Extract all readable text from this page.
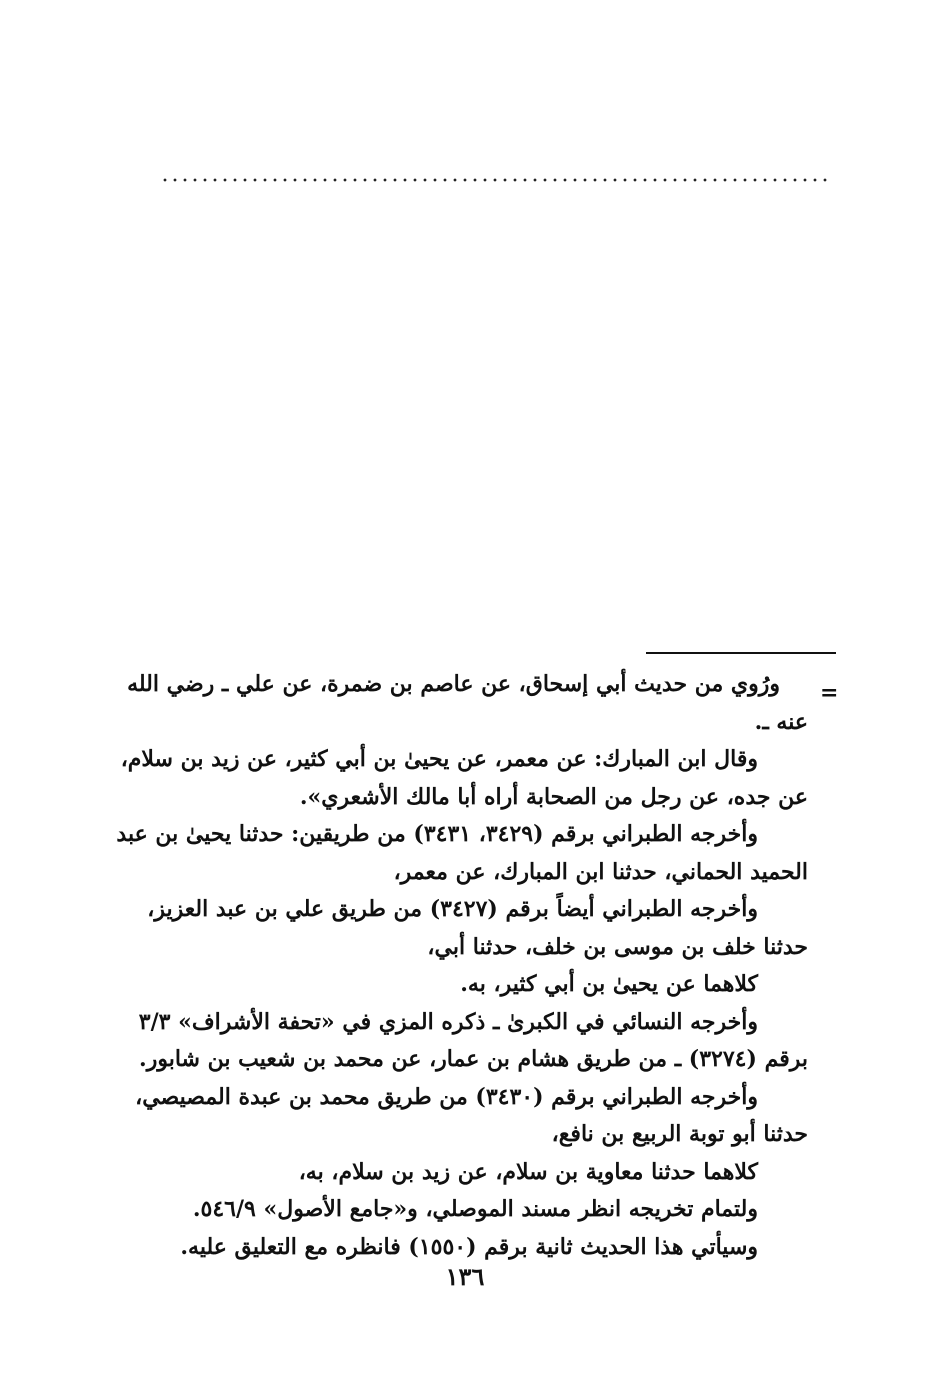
=

ورُوي من حديث أبي إسحاق، عن عاصم بن ضمرة، عن علي ـ رضي الله عنه ـ.

وقال ابن المبارك: عن معمر، عن يحيىٰ بن أبي كثير، عن زيد بن سلام، عن جده، عن رجل من الصحابة أراه أبا مالك الأشعري».

وأخرجه الطبراني برقم (٣٤٢٩، ٣٤٣١) من طريقين: حدثنا يحيىٰ بن عبد الحميد الحماني، حدثنا ابن المبارك، عن معمر،

وأخرجه الطبراني أيضاً برقم (٣٤٢٧) من طريق علي بن عبد العزيز، حدثنا خلف بن موسى بن خلف، حدثنا أبي،

كلاهما عن يحيىٰ بن أبي كثير، به.

وأخرجه النسائي في الكبرىٰ ـ ذكره المزي في «تحفة الأشراف» ٣/٣ برقم (٣٢٧٤) ـ من طريق هشام بن عمار، عن محمد بن شعيب بن شابور.

وأخرجه الطبراني برقم (٣٤٣٠) من طريق محمد بن عبدة المصيصي، حدثنا أبو توبة الربيع بن نافع،

كلاهما حدثنا معاوية بن سلام، عن زيد بن سلام، به،

ولتمام تخريجه انظر مسند الموصلي، و«جامع الأصول» ٥٤٦/٩.

وسيأتي هذا الحديث ثانية برقم (١٥٥٠) فانظره مع التعليق عليه.

١٣٦
